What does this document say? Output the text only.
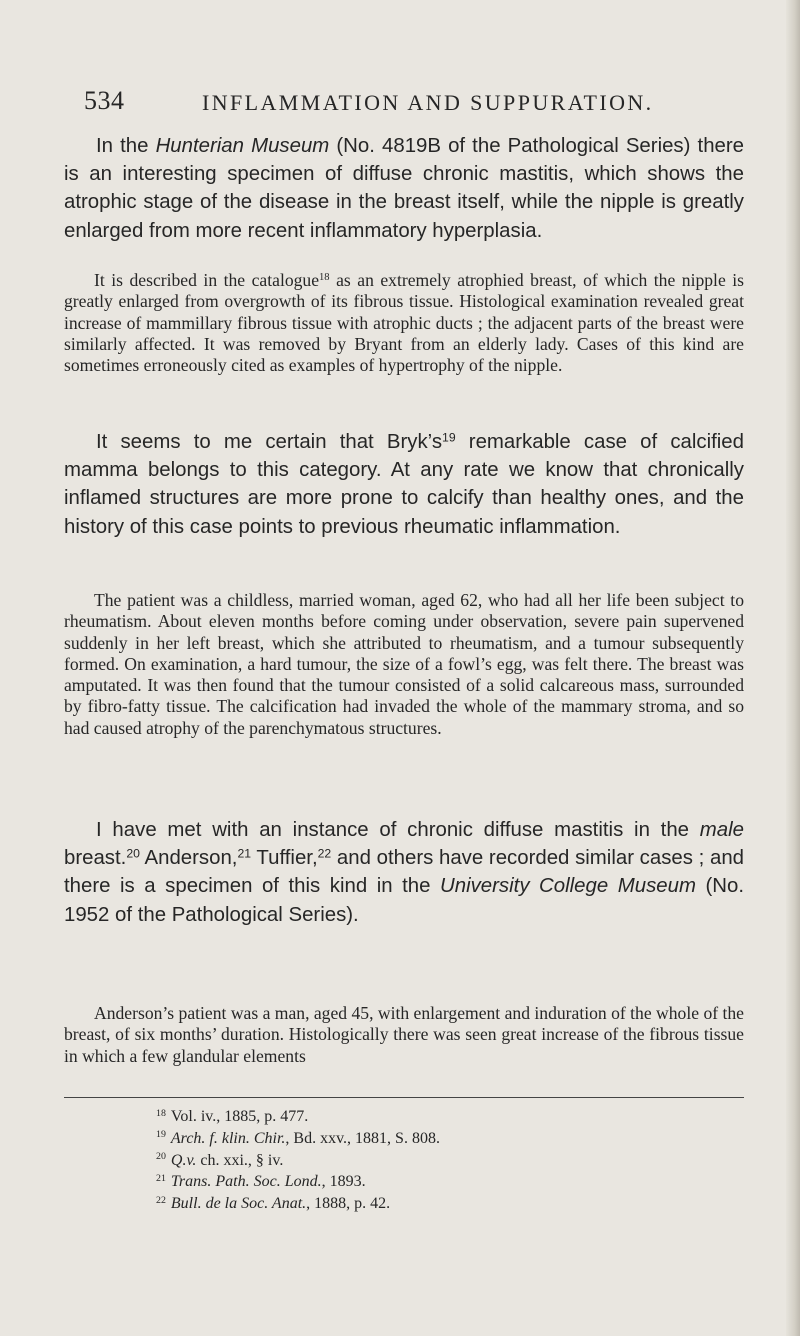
534	INFLAMMATION AND SUPPURATION.

In the Hunterian Museum (No. 4819B of the Pathological Series) there is an interesting specimen of diffuse chronic mastitis, which shows the atrophic stage of the disease in the breast itself, while the nipple is greatly enlarged from more recent inflammatory hyperplasia.

It is described in the catalogue$^{18}$ as an extremely atrophied breast, of which the nipple is greatly enlarged from overgrowth of its fibrous tissue. Histological examination revealed great increase of mammillary fibrous tissue with atrophic ducts ; the adjacent parts of the breast were similarly affected. It was removed by Bryant from an elderly lady. Cases of this kind are sometimes erroneously cited as examples of hypertrophy of the nipple.

It seems to me certain that $Bryk’s^{19}$ remarkable case of calcified mamma belongs to this category. At any rate we know that chronically inflamed structures are more prone to calcify than healthy ones, and the history of this case points to previous rheumatic inflammation.

The patient was a childless, married woman, aged 62, who had all her life been subject to rheumatism. About eleven months before coming under observation, severe pain supervened suddenly in her left breast, which she attributed to rheumatism, and a tumour subsequently formed. On examination, a hard tumour, the size of a fowl’s egg, was felt there. The breast was amputated. It was then found that the tumour consisted of a solid calcareous mass, surrounded by fibro-fatty tissue. The calcification had invaded the whole of the mammary stroma, and so had caused atrophy of the parenchymatous structures.

I have met with an instance of chronic diffuse mastitis in the male breast.$^{20}$ Anderson,$^{21}$ Tuffier,$^{22}$ and others have recorded similar cases ; and there is a specimen of this kind in the University College Museum (No. 1952 of the Pathological Series).

Anderson’s patient was a man, aged 45, with enlargement and induration of the whole of the breast, of six months’ duration. Histologically there was seen great increase of the fibrous tissue in which a few glandular elements

$^{18}$ Vol. iv., 1885, p. 477.
$^{19}$ Arch. f. klin. Chir., Bd. xxv., 1881, S. 808.
$^{20}$ Q.v. ch. xxi., § iv.
$^{21}$ Trans. Path. Soc. Lond., 1893.
$^{22}$ Bull. de la Soc. Anat., 1888, p. 42.
